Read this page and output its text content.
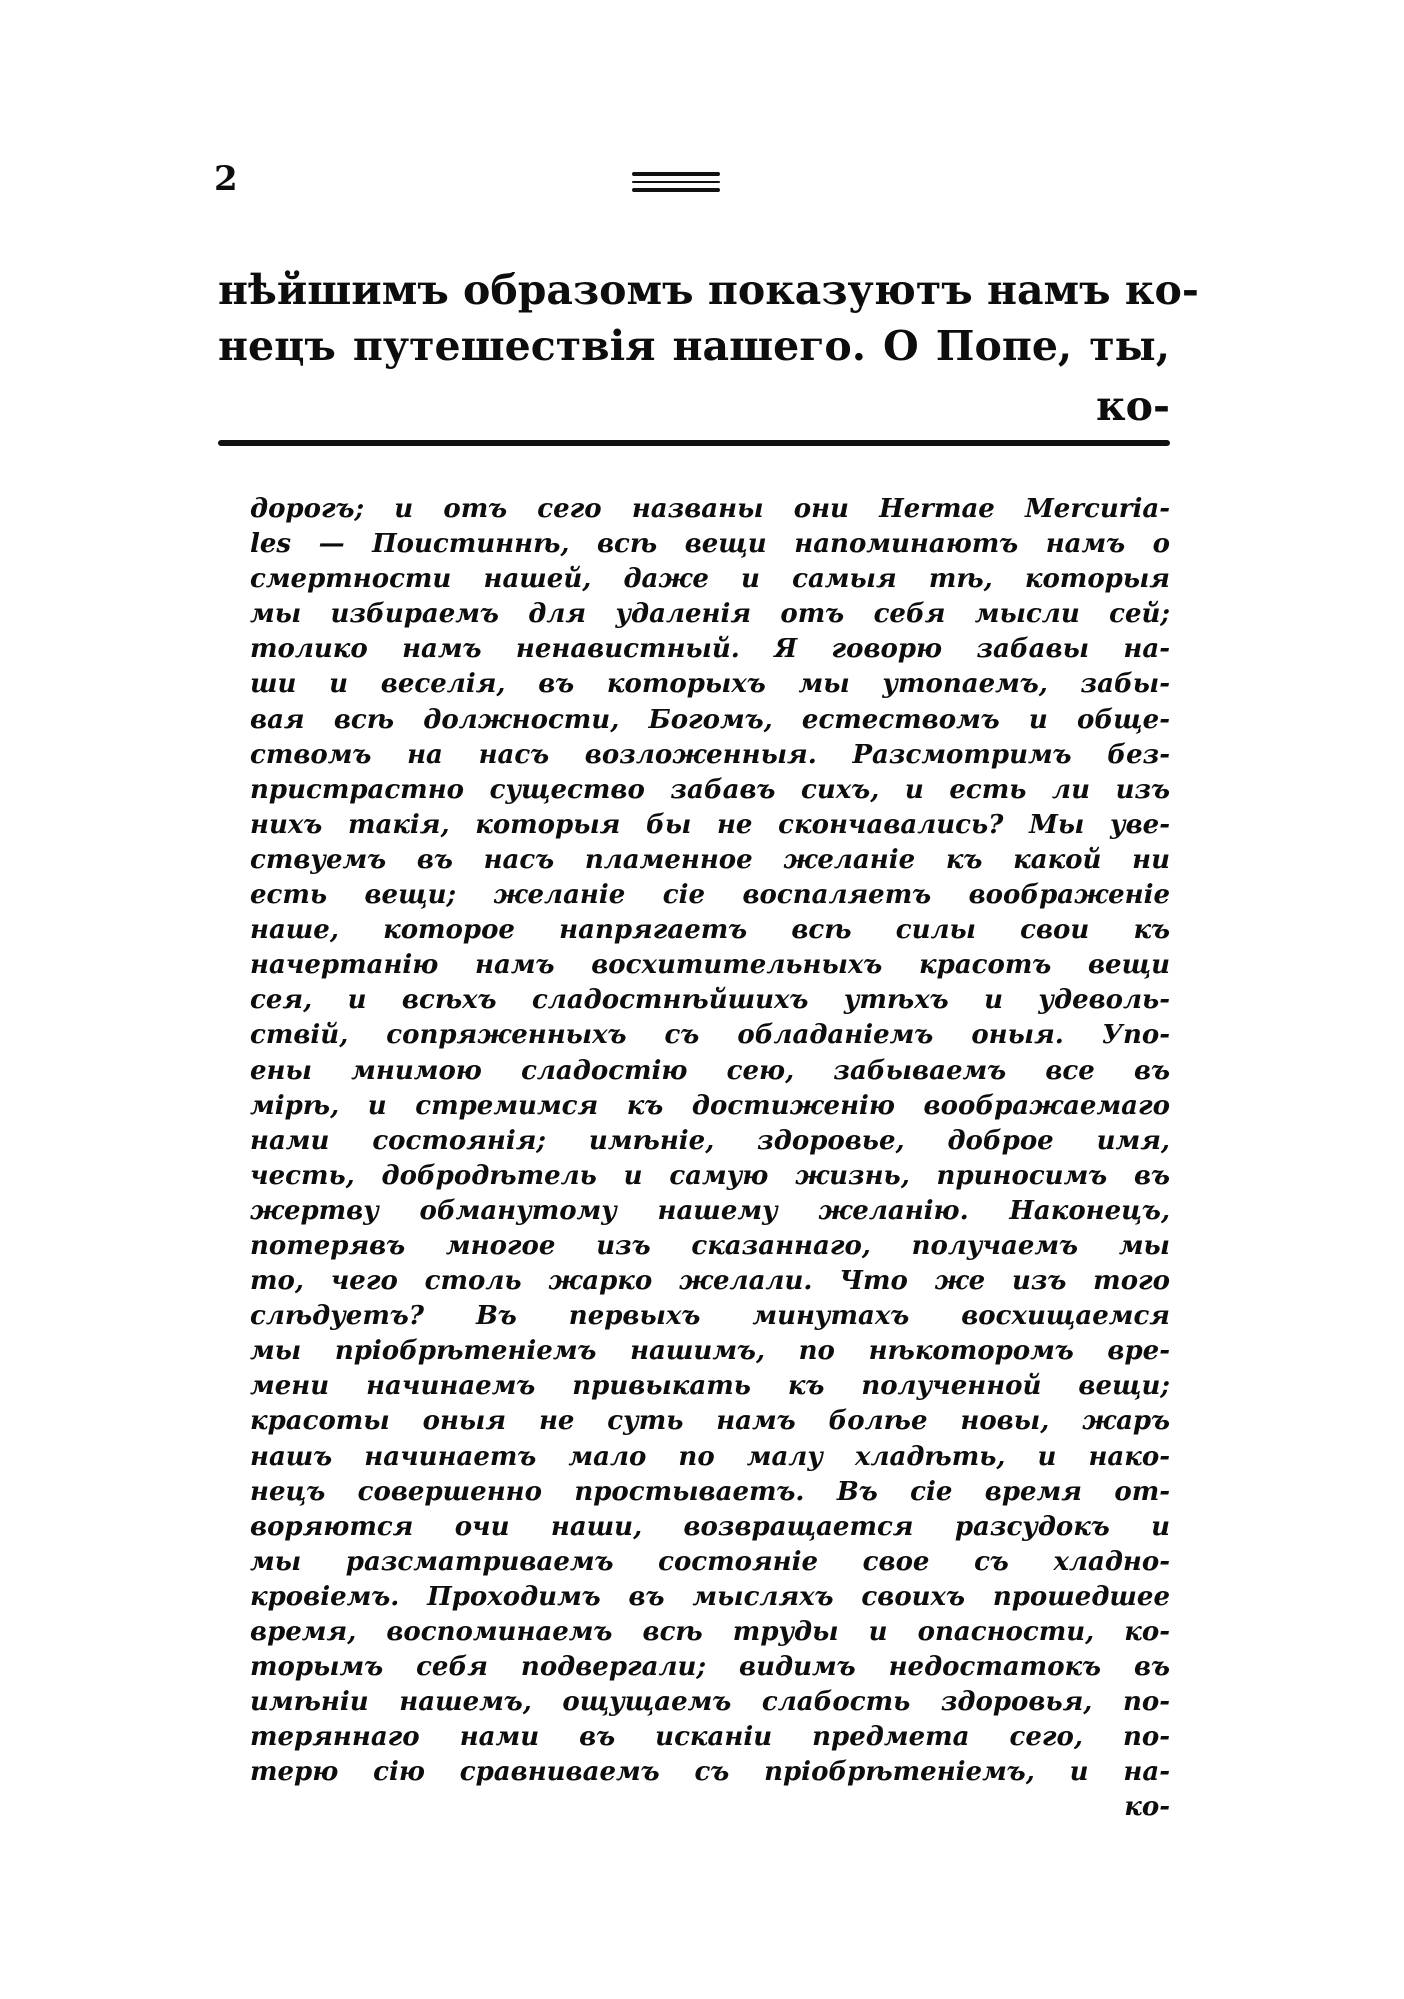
2
нѣйшимъ образомъ показуютъ намъ ко-
нецъ путешествія нашего. О Попе, ты,
ко-
дорогъ; и отъ сего названы они Hermae Mercuria-
les — Поистиннѣ, всѣ вещи напоминаютъ намъ о
смертности нашей, даже и самыя тѣ, которыя
мы избираемъ для удаленія отъ себя мысли сей;
толико намъ ненавистный. Я говорю забавы на-
ши и веселія, въ которыхъ мы утопаемъ, забы-
вая всѣ должности, Богомъ, естествомъ и обще-
ствомъ на насъ возложенныя. Разсмотримъ без-
пристрастно существо забавъ сихъ, и есть ли изъ
нихъ такія, которыя бы не скончавались? Мы уве-
ствуемъ въ насъ пламенное желаніе къ какой ни
есть вещи; желаніе сіе воспаляетъ воображеніе
наше, которое напрягаетъ всѣ силы свои къ
начертанію намъ восхитительныхъ красотъ вещи
сея, и всѣхъ сладостнѣйшихъ утѣхъ и удеволь-
ствій, сопряженныхъ съ обладаніемъ оныя. Упо-
ены мнимою сладостію сею, забываемъ все въ
мірѣ, и стремимся къ достиженію воображаемаго
нами состоянія; имѣніе, здоровье, доброе имя,
честь, добродѣтель и самую жизнь, приносимъ въ
жертву обманутому нашему желанію. Наконецъ,
потерявъ многое изъ сказаннаго, получаемъ мы
то, чего столь жарко желали. Что же изъ того
слѣдуетъ? Въ первыхъ минутахъ восхищаемся
мы пріобрѣтеніемъ нашимъ, по нѣкоторомъ вре-
мени начинаемъ привыкать къ полученной вещи;
красоты оныя не суть намъ болѣе новы, жаръ
нашъ начинаетъ мало по малу хладѣть, и нако-
нецъ совершенно простываетъ. Въ сіе время от-
воряются очи наши, возвращается разсудокъ и
мы разсматриваемъ состояніе свое съ хладно-
кровіемъ. Проходимъ въ мысляхъ своихъ прошедшее
время, воспоминаемъ всѣ труды и опасности, ко-
торымъ себя подвергали; видимъ недостатокъ въ
имѣніи нашемъ, ощущаемъ слабость здоровья, по-
теряннаго нами въ исканіи предмета сего, по-
терю сію сравниваемъ съ пріобрѣтеніемъ, и на-
ко-
